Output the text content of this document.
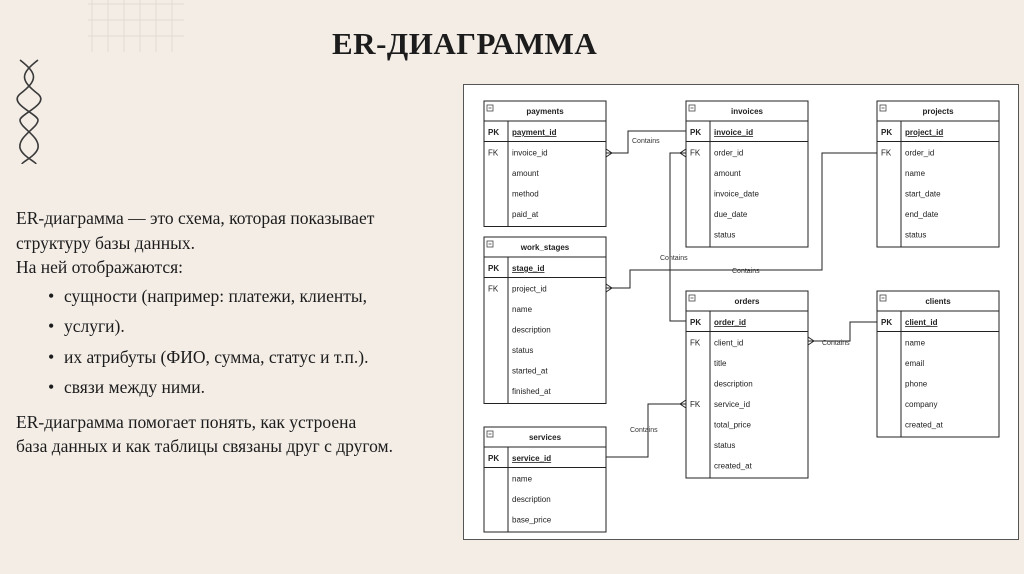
ER-ДИАГРАММА

ER-диаграмма — это схема, которая показывает

структуру базы данных.

На ней отображаются:

• сущности (например: платежи, клиенты,
• услуги).
• их атрибуты (ФИО, сумма, статус и т.п.).
• связи между ними.

ER-диаграмма помогает понять, как устроена

база данных и как таблицы связаны друг с другом.

payments
PK payment_id
FK invoice_id
amount
method
paid_at
invoices
PK invoice_id
FK order_id
amount
invoice_date
due_date
status
projects
PK project_id
FK order_id
name
start_date
end_date
status
work_stages
PK stage_id
FK project_id
name
description
status
started_at
finished_at
orders
PK order_id
FK client_id
title
description
FK service_id
total_price
status
created_at
clients
PK client_id
name
email
phone
company
created_at
services
PK service_id
name
description
base_price
Contains
Contains
Contains
Contains
Contains
